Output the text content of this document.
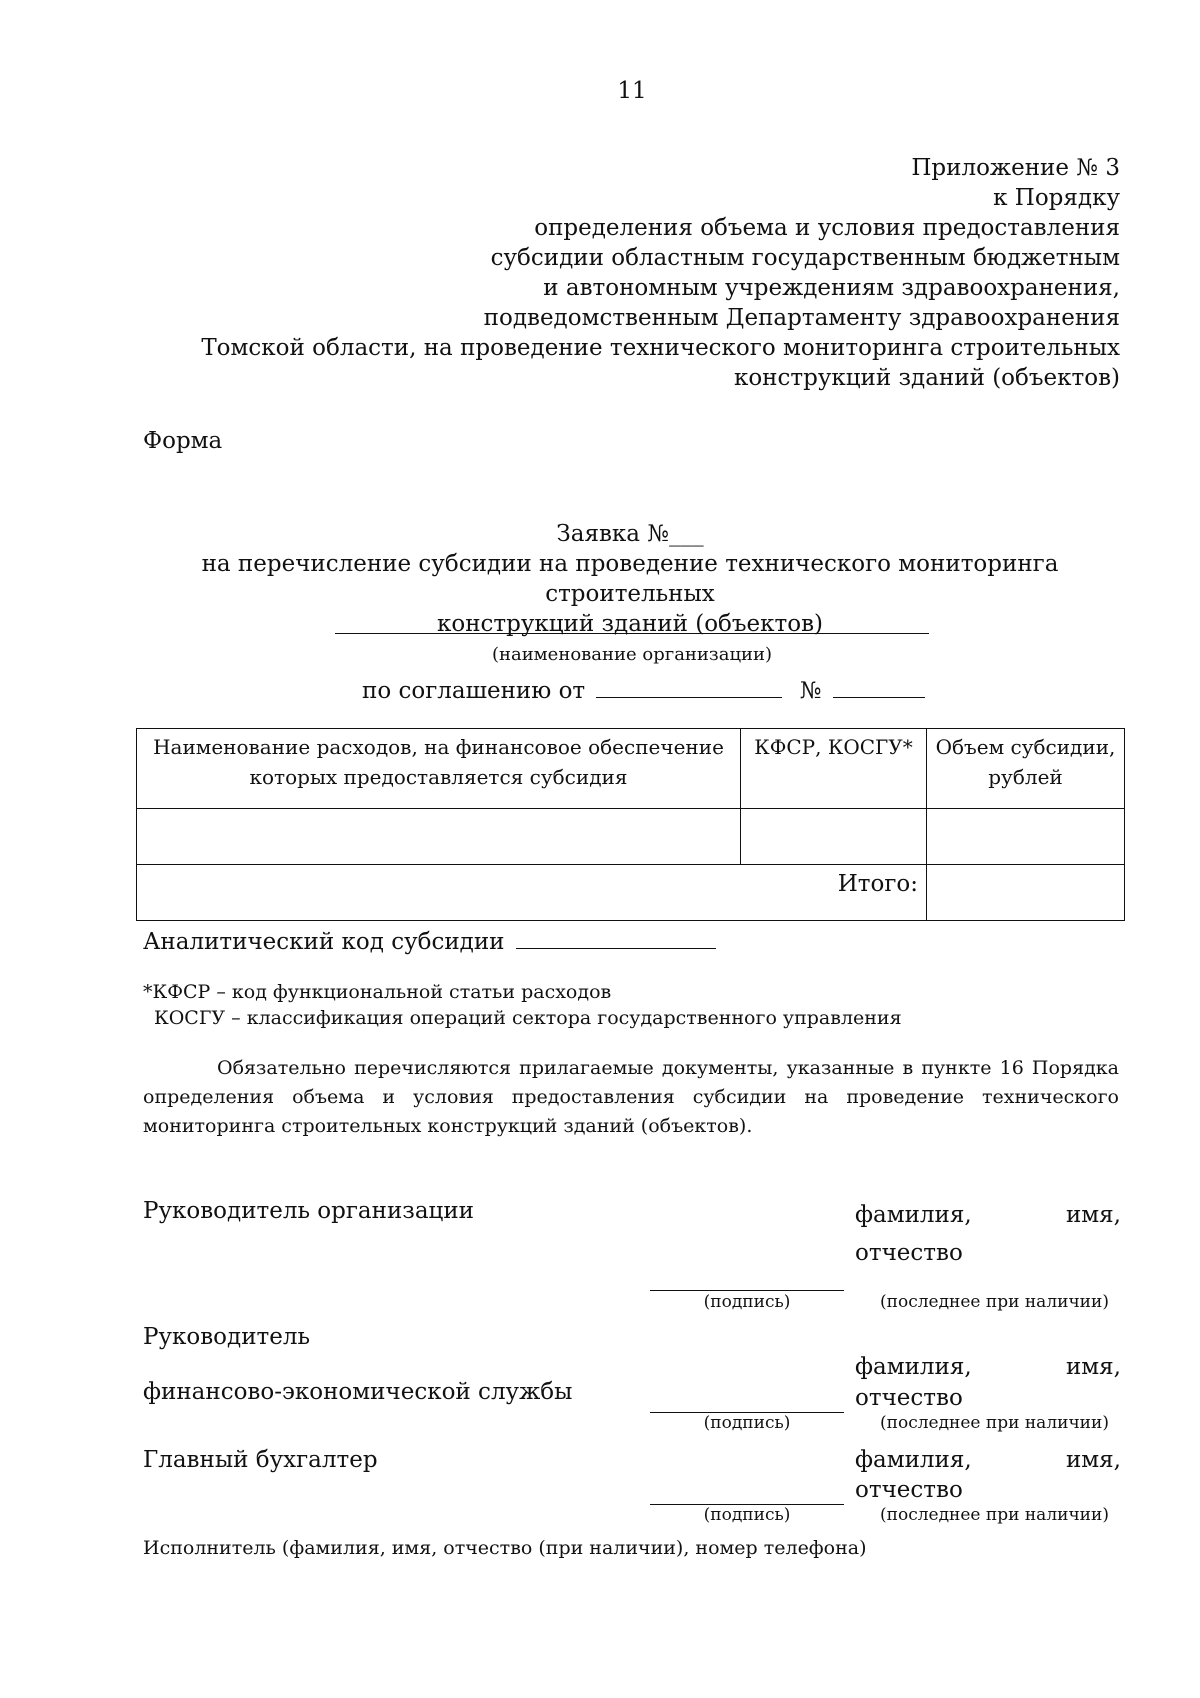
11
Приложение № 3
к Порядку
определения объема и условия предоставления
субсидии областным государственным бюджетным
и автономным учреждениям здравоохранения,
подведомственным Департаменту здравоохранения
Томской области, на проведение технического мониторинга строительных
конструкций зданий (объектов)
Форма
Заявка №___
на перечисление субсидии на проведение технического мониторинга строительных
конструкций зданий (объектов)
(наименование организации)
по соглашению от	№
Наименование расходов, на финансовое обеспечение которых предоставляется субсидия	КФСР, КОСГУ*	Объем субсидии, рублей

Итого:		
Аналитический код субсидии
*КФСР – код функциональной статьи расходов
КОСГУ – классификация операций сектора государственного управления
Обязательно перечисляются прилагаемые документы, указанные в пункте 16 Порядка определения объема и условия предоставления субсидии на проведение технического мониторинга строительных конструкций зданий (объектов).
Руководитель организации	фамилия,	имя,
отчество
(подпись)	(последнее при наличии)
Руководитель
финансово-экономической службы
фамилия,	имя,
отчество
(подпись)	(последнее при наличии)
Главный бухгалтер	фамилия,	имя,
отчество
(подпись)	(последнее при наличии)
Исполнитель (фамилия, имя, отчество (при наличии), номер телефона)
